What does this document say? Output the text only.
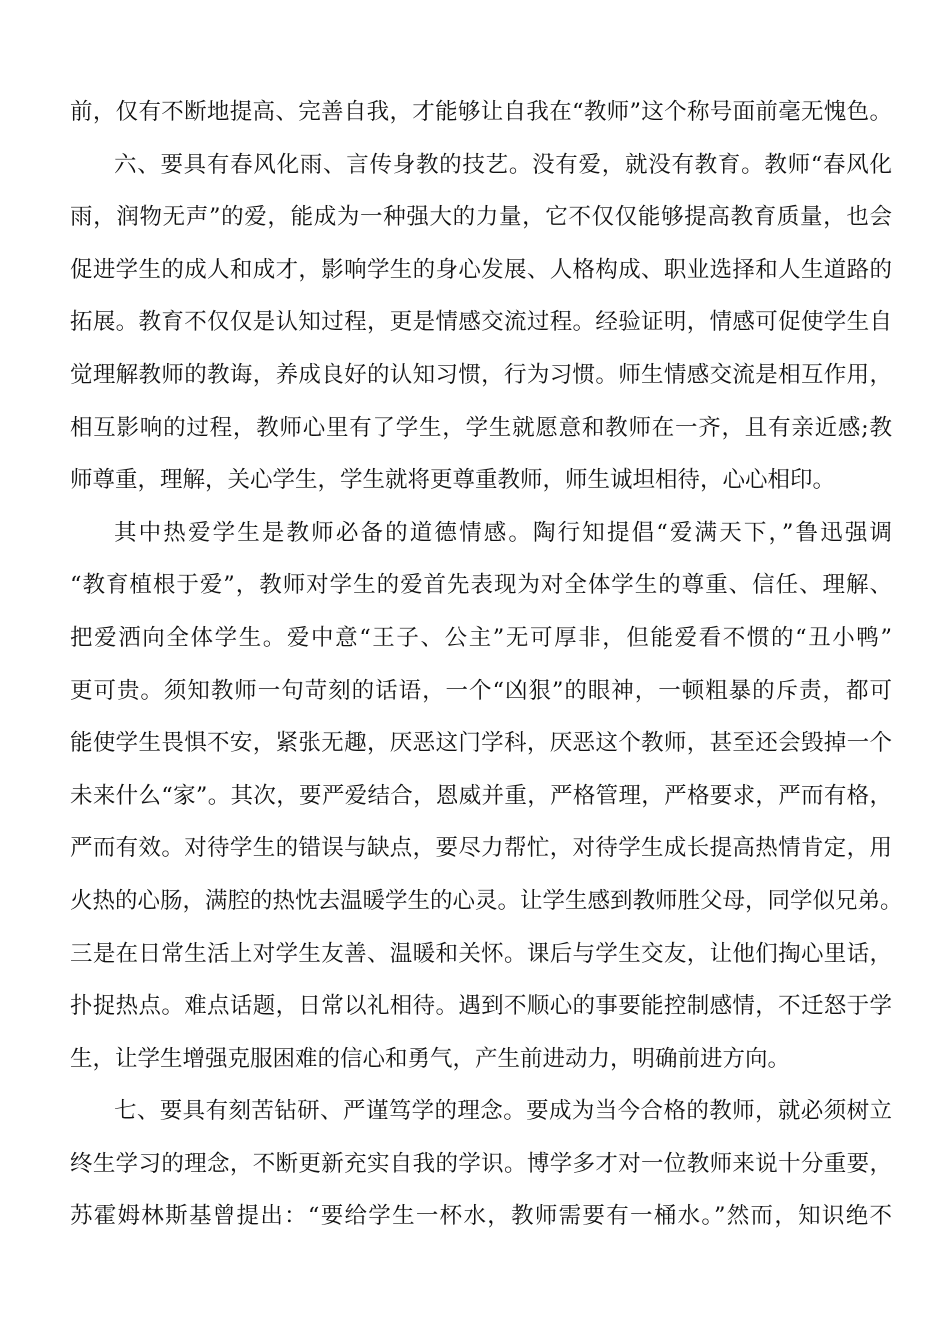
前，仅有不断地提高、完善自我，才能够让自我在“教师”这个称号面前毫无愧色。
六、要具有春风化雨、言传身教的技艺。没有爱，就没有教育。教师“春风化
雨，润物无声”的爱，能成为一种强大的力量，它不仅仅能够提高教育质量，也会
促进学生的成人和成才，影响学生的身心发展、人格构成、职业选择和人生道路的
拓展。教育不仅仅是认知过程，更是情感交流过程。经验证明，情感可促使学生自
觉理解教师的教诲，养成良好的认知习惯，行为习惯。师生情感交流是相互作用，
相互影响的过程，教师心里有了学生，学生就愿意和教师在一齐，且有亲近感;教
师尊重，理解，关心学生，学生就将更尊重教师，师生诚坦相待，心心相印。
其中热爱学生是教师必备的道德情感。陶行知提倡“爱满天下，”鲁迅强调
“教育植根于爱”，教师对学生的爱首先表现为对全体学生的尊重、信任、理解、
把爱洒向全体学生。爱中意“王子、公主”无可厚非，但能爱看不惯的“丑小鸭”
更可贵。须知教师一句苛刻的话语，一个“凶狠”的眼神，一顿粗暴的斥责，都可
能使学生畏惧不安，紧张无趣，厌恶这门学科，厌恶这个教师，甚至还会毁掉一个
未来什么“家”。其次，要严爱结合，恩威并重，严格管理，严格要求，严而有格，
严而有效。对待学生的错误与缺点，要尽力帮忙，对待学生成长提高热情肯定，用
火热的心肠，满腔的热忱去温暖学生的心灵。让学生感到教师胜父母，同学似兄弟。
三是在日常生活上对学生友善、温暖和关怀。课后与学生交友，让他们掏心里话，
扑捉热点。难点话题，日常以礼相待。遇到不顺心的事要能控制感情，不迁怒于学
生，让学生增强克服困难的信心和勇气，产生前进动力，明确前进方向。
七、要具有刻苦钻研、严谨笃学的理念。要成为当今合格的教师，就必须树立
终生学习的理念，不断更新充实自我的学识。博学多才对一位教师来说十分重要，
苏霍姆林斯基曾提出：“要给学生一杯水，教师需要有一桶水。”然而，知识绝不
